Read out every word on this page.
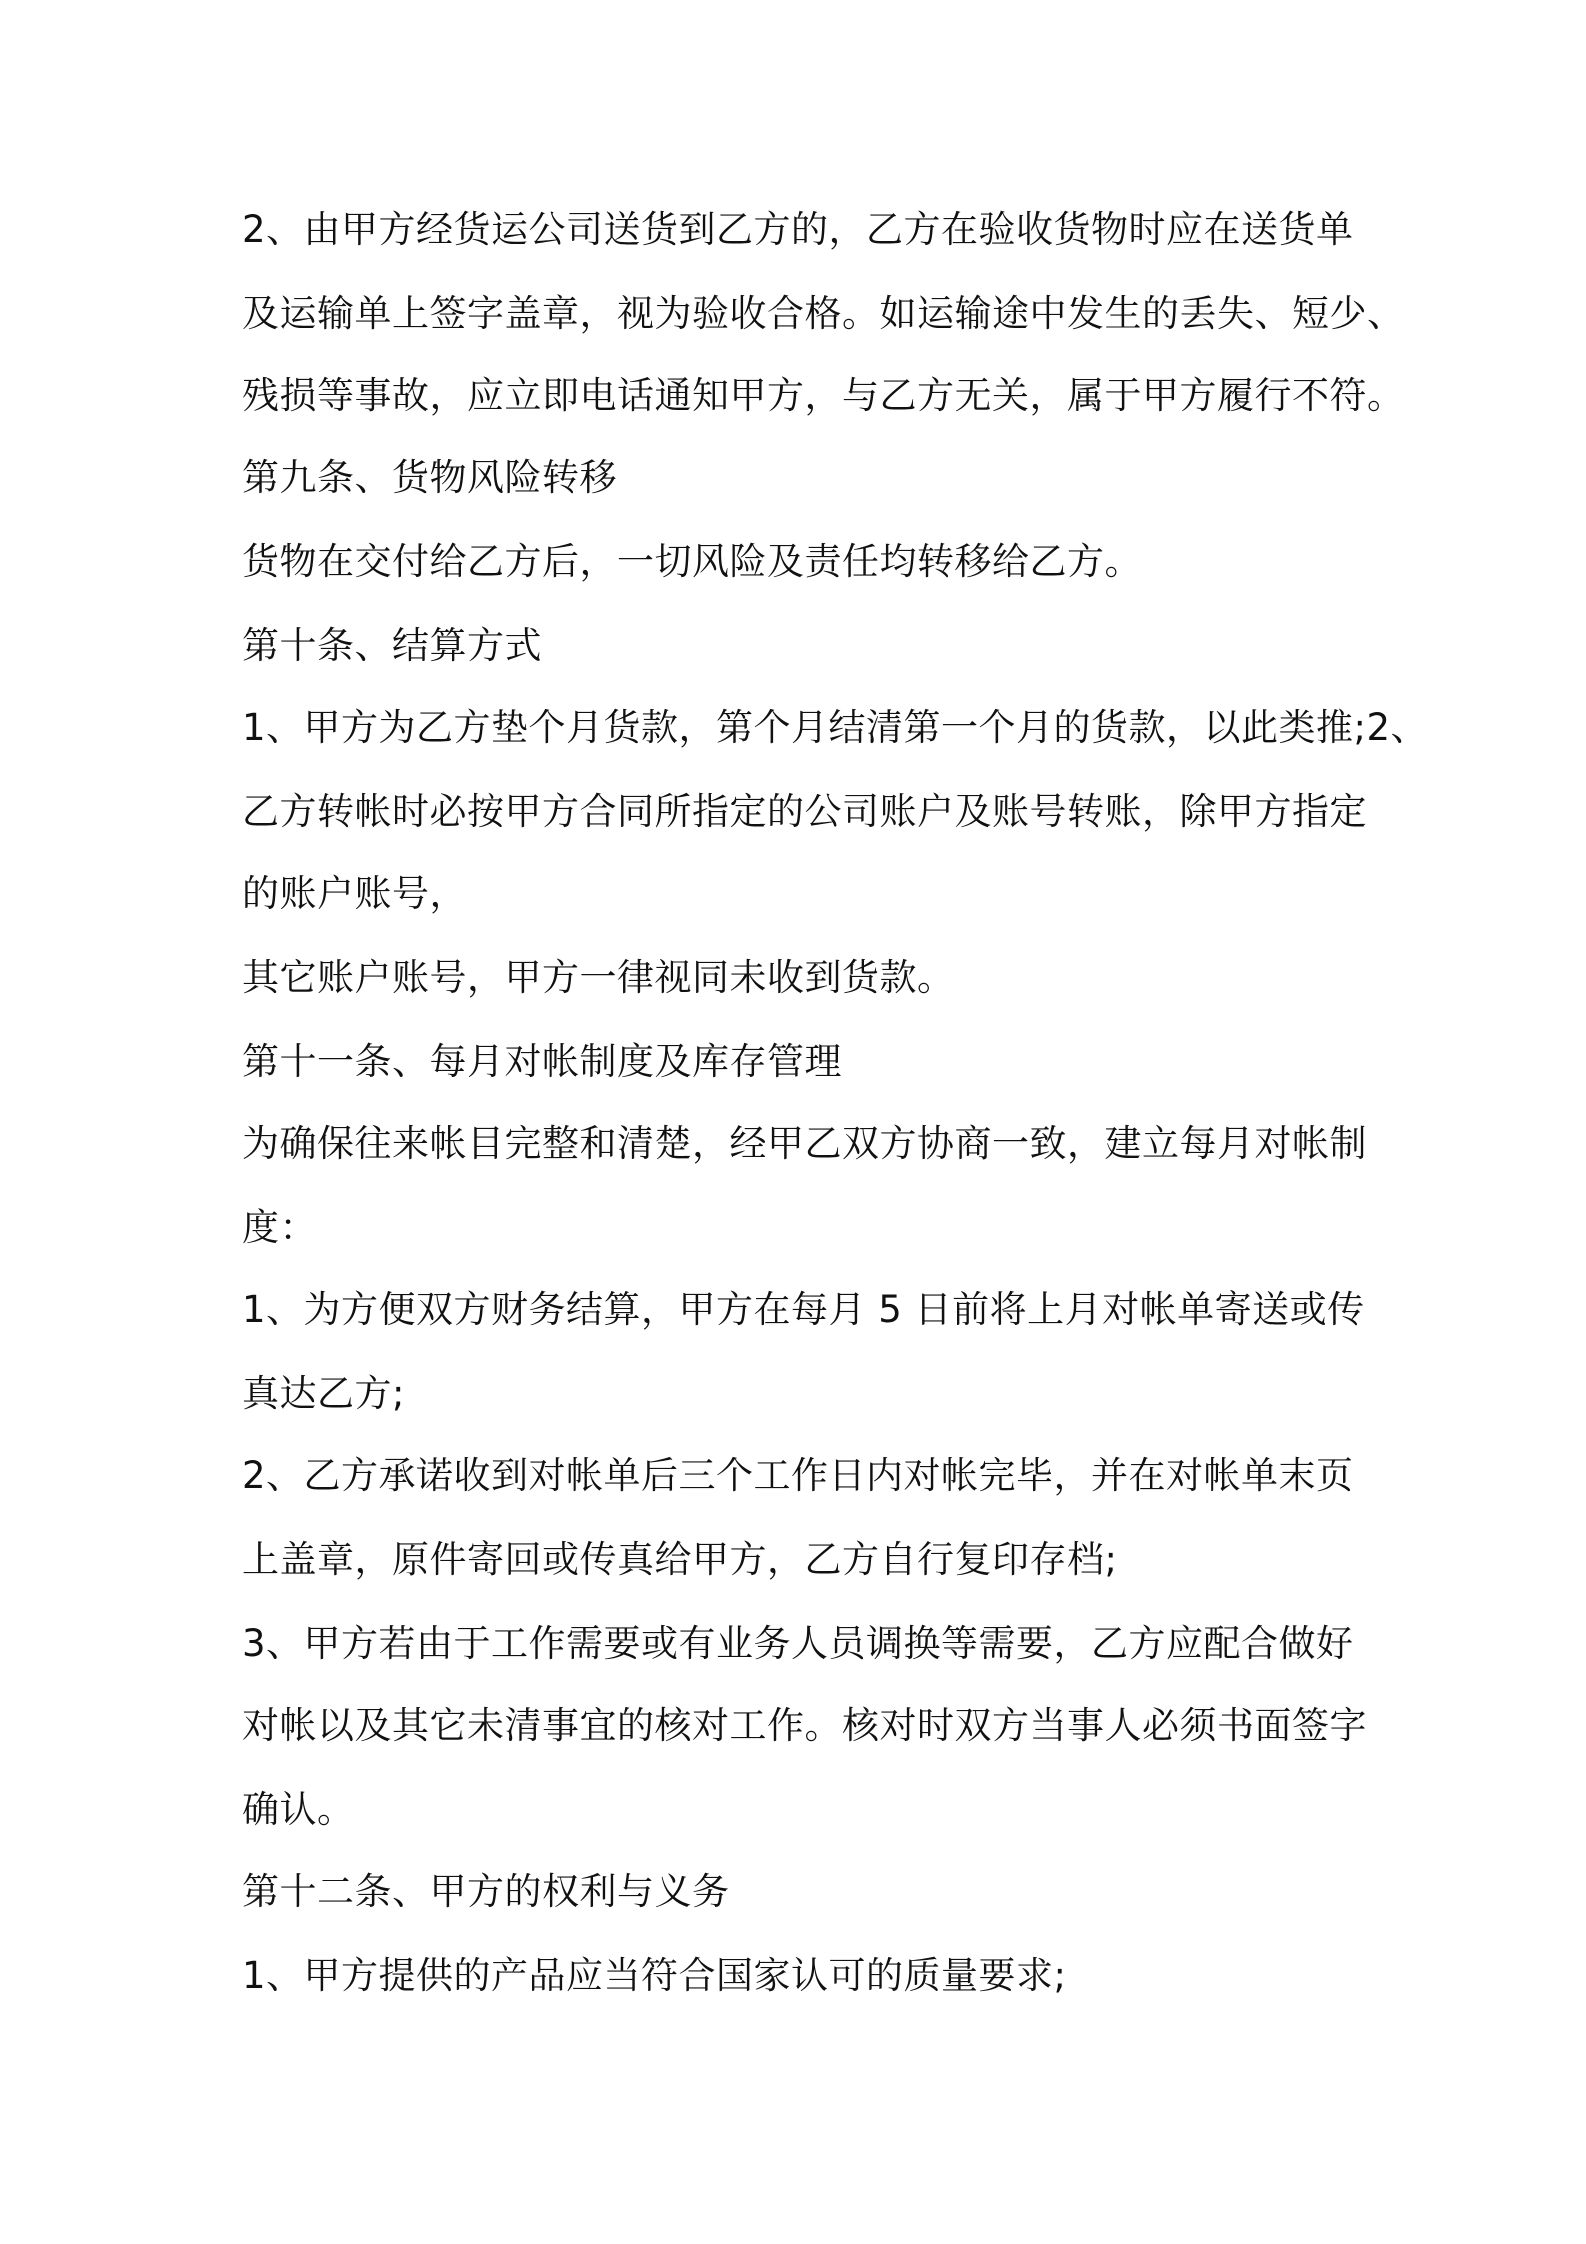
2、由甲方经货运公司送货到乙方的，乙方在验收货物时应在送货单
及运输单上签字盖章，视为验收合格。如运输途中发生的丢失、短少、
残损等事故，应立即电话通知甲方，与乙方无关，属于甲方履行不符。
第九条、货物风险转移
货物在交付给乙方后，一切风险及责任均转移给乙方。
第十条、结算方式
1、甲方为乙方垫个月货款，第个月结清第一个月的货款，以此类推;2、
乙方转帐时必按甲方合同所指定的公司账户及账号转账，除甲方指定
的账户账号，
其它账户账号，甲方一律视同未收到货款。
第十一条、每月对帐制度及库存管理
为确保往来帐目完整和清楚，经甲乙双方协商一致，建立每月对帐制
度：
1、为方便双方财务结算，甲方在每月 5 日前将上月对帐单寄送或传
真达乙方;
2、乙方承诺收到对帐单后三个工作日内对帐完毕，并在对帐单末页
上盖章，原件寄回或传真给甲方，乙方自行复印存档;
3、甲方若由于工作需要或有业务人员调换等需要，乙方应配合做好
对帐以及其它未清事宜的核对工作。核对时双方当事人必须书面签字
确认。
第十二条、甲方的权利与义务
1、甲方提供的产品应当符合国家认可的质量要求;
